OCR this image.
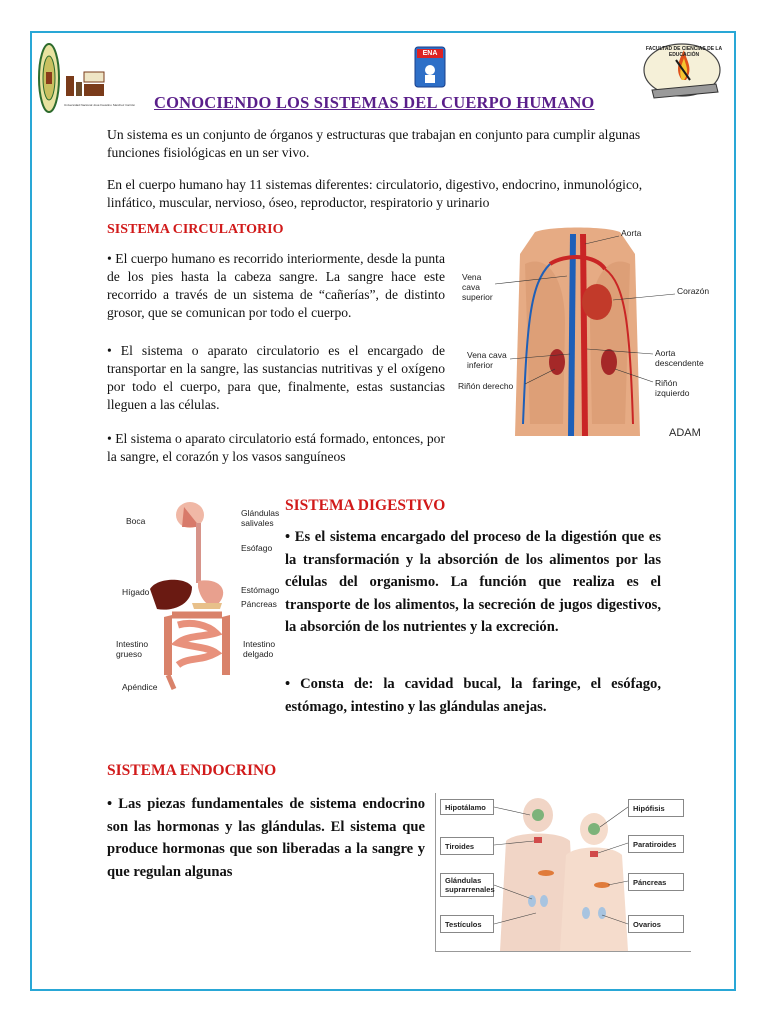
Universidad Nacional José Faustino Sánchez Carrión
ENA
FACULTAD DE CIENCIAS DE LA EDUCACIÓN
CONOCIENDO LOS SISTEMAS DEL CUERPO HUMANO
Un sistema es un conjunto de órganos y estructuras que trabajan en conjunto para cumplir algunas funciones fisiológicas en un ser vivo.
En el cuerpo humano hay 11 sistemas diferentes: circulatorio, digestivo, endocrino, inmunológico, linfático, muscular, nervioso, óseo, reproductor, respiratorio y urinario
SISTEMA CIRCULATORIO
• El cuerpo humano es recorrido interiormente, desde la punta de los pies hasta la cabeza sangre. La sangre hace este recorrido a través de un sistema de “cañerías”, de distinto grosor, que se comunican por todo el cuerpo.
• El sistema o aparato circulatorio es el encargado de transportar en la sangre, las sustancias nutritivas y el oxígeno por todo el cuerpo, para que, finalmente, estas sustancias lleguen a las células.
• El sistema o aparato circulatorio está formado, entonces, por la sangre, el corazón y los vasos sanguíneos
Aorta
Vena
cava
superior
Corazón
Vena cava
inferior
Aorta
descendente
Riñón derecho	Riñón
izquierdo
ADAM
Boca
Glándulas
salivales
Esófago
Hígado	Estómago
Páncreas
Intestino
grueso
Intestino
delgado
Apéndice
SISTEMA DIGESTIVO
• Es el sistema encargado del proceso de la digestión que es la transformación y la absorción de los alimentos por las células del organismo. La función que realiza es el transporte de los alimentos, la secreción de jugos digestivos, la absorción de los nutrientes y la excreción.
• Consta de: la cavidad bucal, la faringe, el esófago, estómago, intestino y las glándulas anejas.
SISTEMA ENDOCRINO
• Las piezas fundamentales de sistema endocrino son las hormonas y las glándulas. El sistema que produce hormonas que son liberadas a la sangre y que regulan algunas
Hipotálamo
Tiroides
Glándulas
suprarrenales
Testículos
Hipófisis
Paratiroides
Páncreas
Ovarios
